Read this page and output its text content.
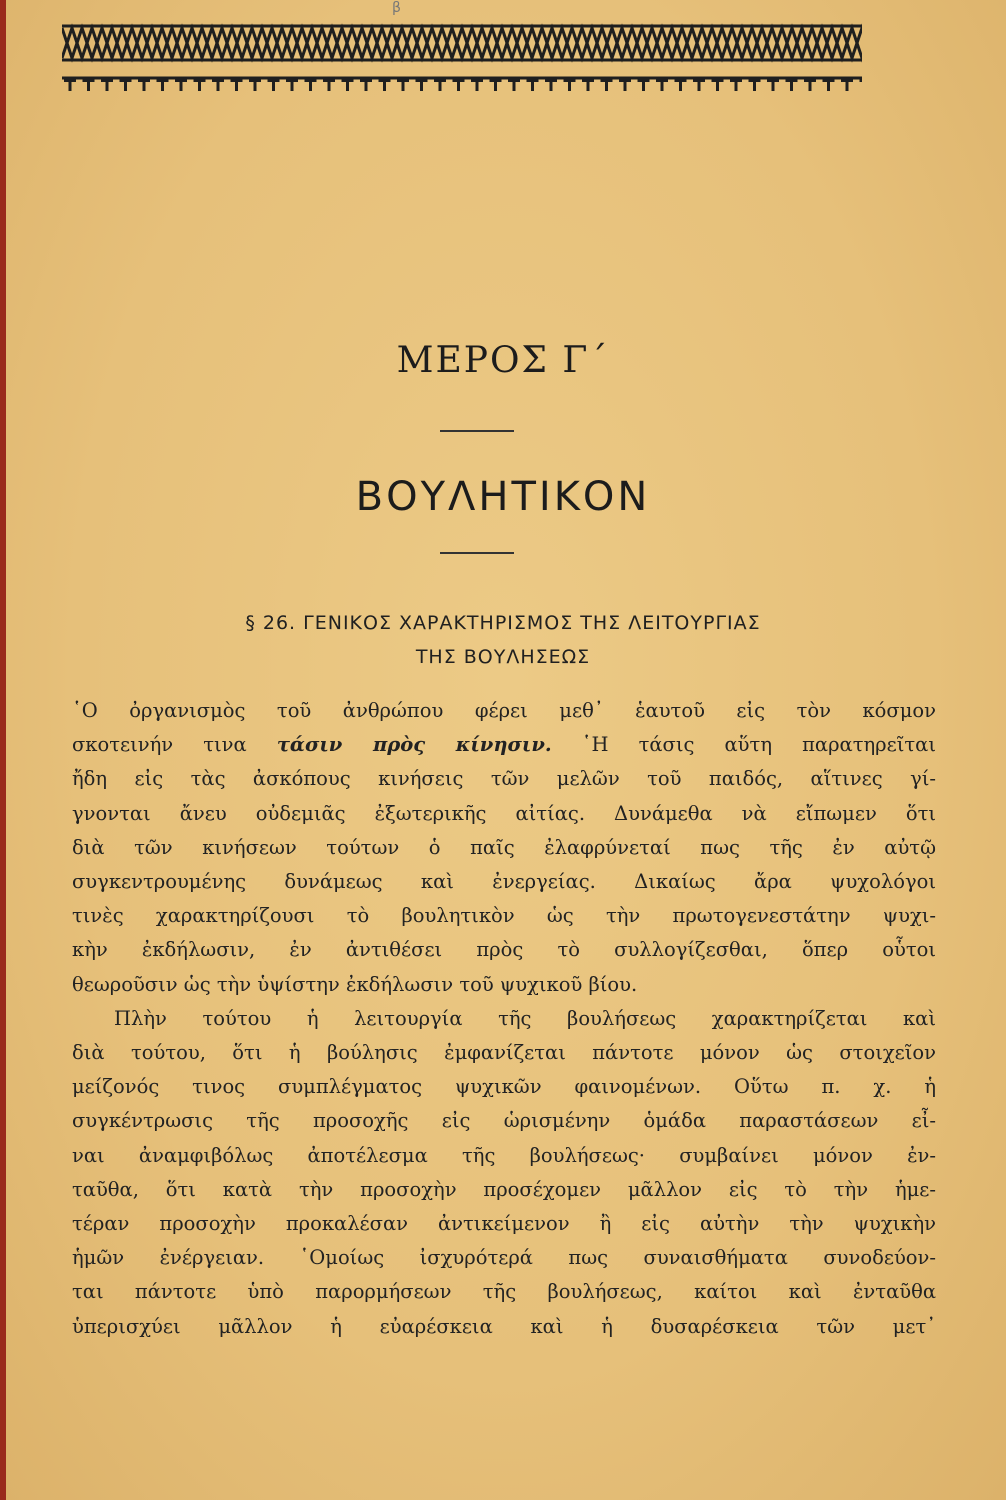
β
ΜΕΡΟΣ Γ΄
ΒΟΥΛΗΤΙΚΟΝ
§ 26. ΓΕΝΙΚΟΣ ΧΑΡΑΚΤΗΡΙΣΜΟΣ ΤΗΣ ΛΕΙΤΟΥΡΓΙΑΣ
ΤΗΣ ΒΟΥΛΗΣΕΩΣ

῾Ο ὀργανισμὸς τοῦ ἀνθρώπου φέρει μεθ᾽ ἑαυτοῦ εἰς τὸν κόσμον
σκοτεινήν τινα τάσιν πρὸς κίνησιν. ῾Η τάσις αὕτη παρατηρεῖται
ἤδη εἰς τὰς ἀσκόπους κινήσεις τῶν μελῶν τοῦ παιδός, αἵτινες γί-
γνονται ἄνευ οὐδεμιᾶς ἐξωτερικῆς αἰτίας. Δυνάμεθα νὰ εἴπωμεν ὅτι
διὰ τῶν κινήσεων τούτων ὁ παῖς ἐλαφρύνεταί πως τῆς ἐν αὐτῷ
συγκεντρουμένης δυνάμεως καὶ ἐνεργείας. Δικαίως ἄρα ψυχολόγοι
τινὲς χαρακτηρίζουσι τὸ βουλητικὸν ὡς τὴν πρωτογενεστάτην ψυχι-
κὴν ἐκδήλωσιν, ἐν ἀντιθέσει πρὸς τὸ συλλογίζεσθαι, ὅπερ οὗτοι
θεωροῦσιν ὡς τὴν ὑψίστην ἐκδήλωσιν τοῦ ψυχικοῦ βίου.

Πλὴν τούτου ἡ λειτουργία τῆς βουλήσεως χαρακτηρίζεται καὶ
διὰ τούτου, ὅτι ἡ βούλησις ἐμφανίζεται πάντοτε μόνον ὡς στοιχεῖον
μείζονός τινος συμπλέγματος ψυχικῶν φαινομένων. Οὕτω π. χ. ἡ
συγκέντρωσις τῆς προσοχῆς εἰς ὡρισμένην ὁμάδα παραστάσεων εἶ-
ναι ἀναμφιβόλως ἀποτέλεσμα τῆς βουλήσεως· συμβαίνει μόνον ἐν-
ταῦθα, ὅτι κατὰ τὴν προσοχὴν προσέχομεν μᾶλλον εἰς τὸ τὴν ἡμε-
τέραν προσοχὴν προκαλέσαν ἀντικείμενον ἢ εἰς αὐτὴν τὴν ψυχικὴν
ἡμῶν ἐνέργειαν. ῾Ομοίως ἰσχυρότερά πως συναισθήματα συνοδεύον-
ται πάντοτε ὑπὸ παρορμήσεων τῆς βουλήσεως, καίτοι καὶ ἐνταῦθα
ὑπερισχύει μᾶλλον ἡ εὐαρέσκεια καὶ ἡ δυσαρέσκεια τῶν μετ᾽
